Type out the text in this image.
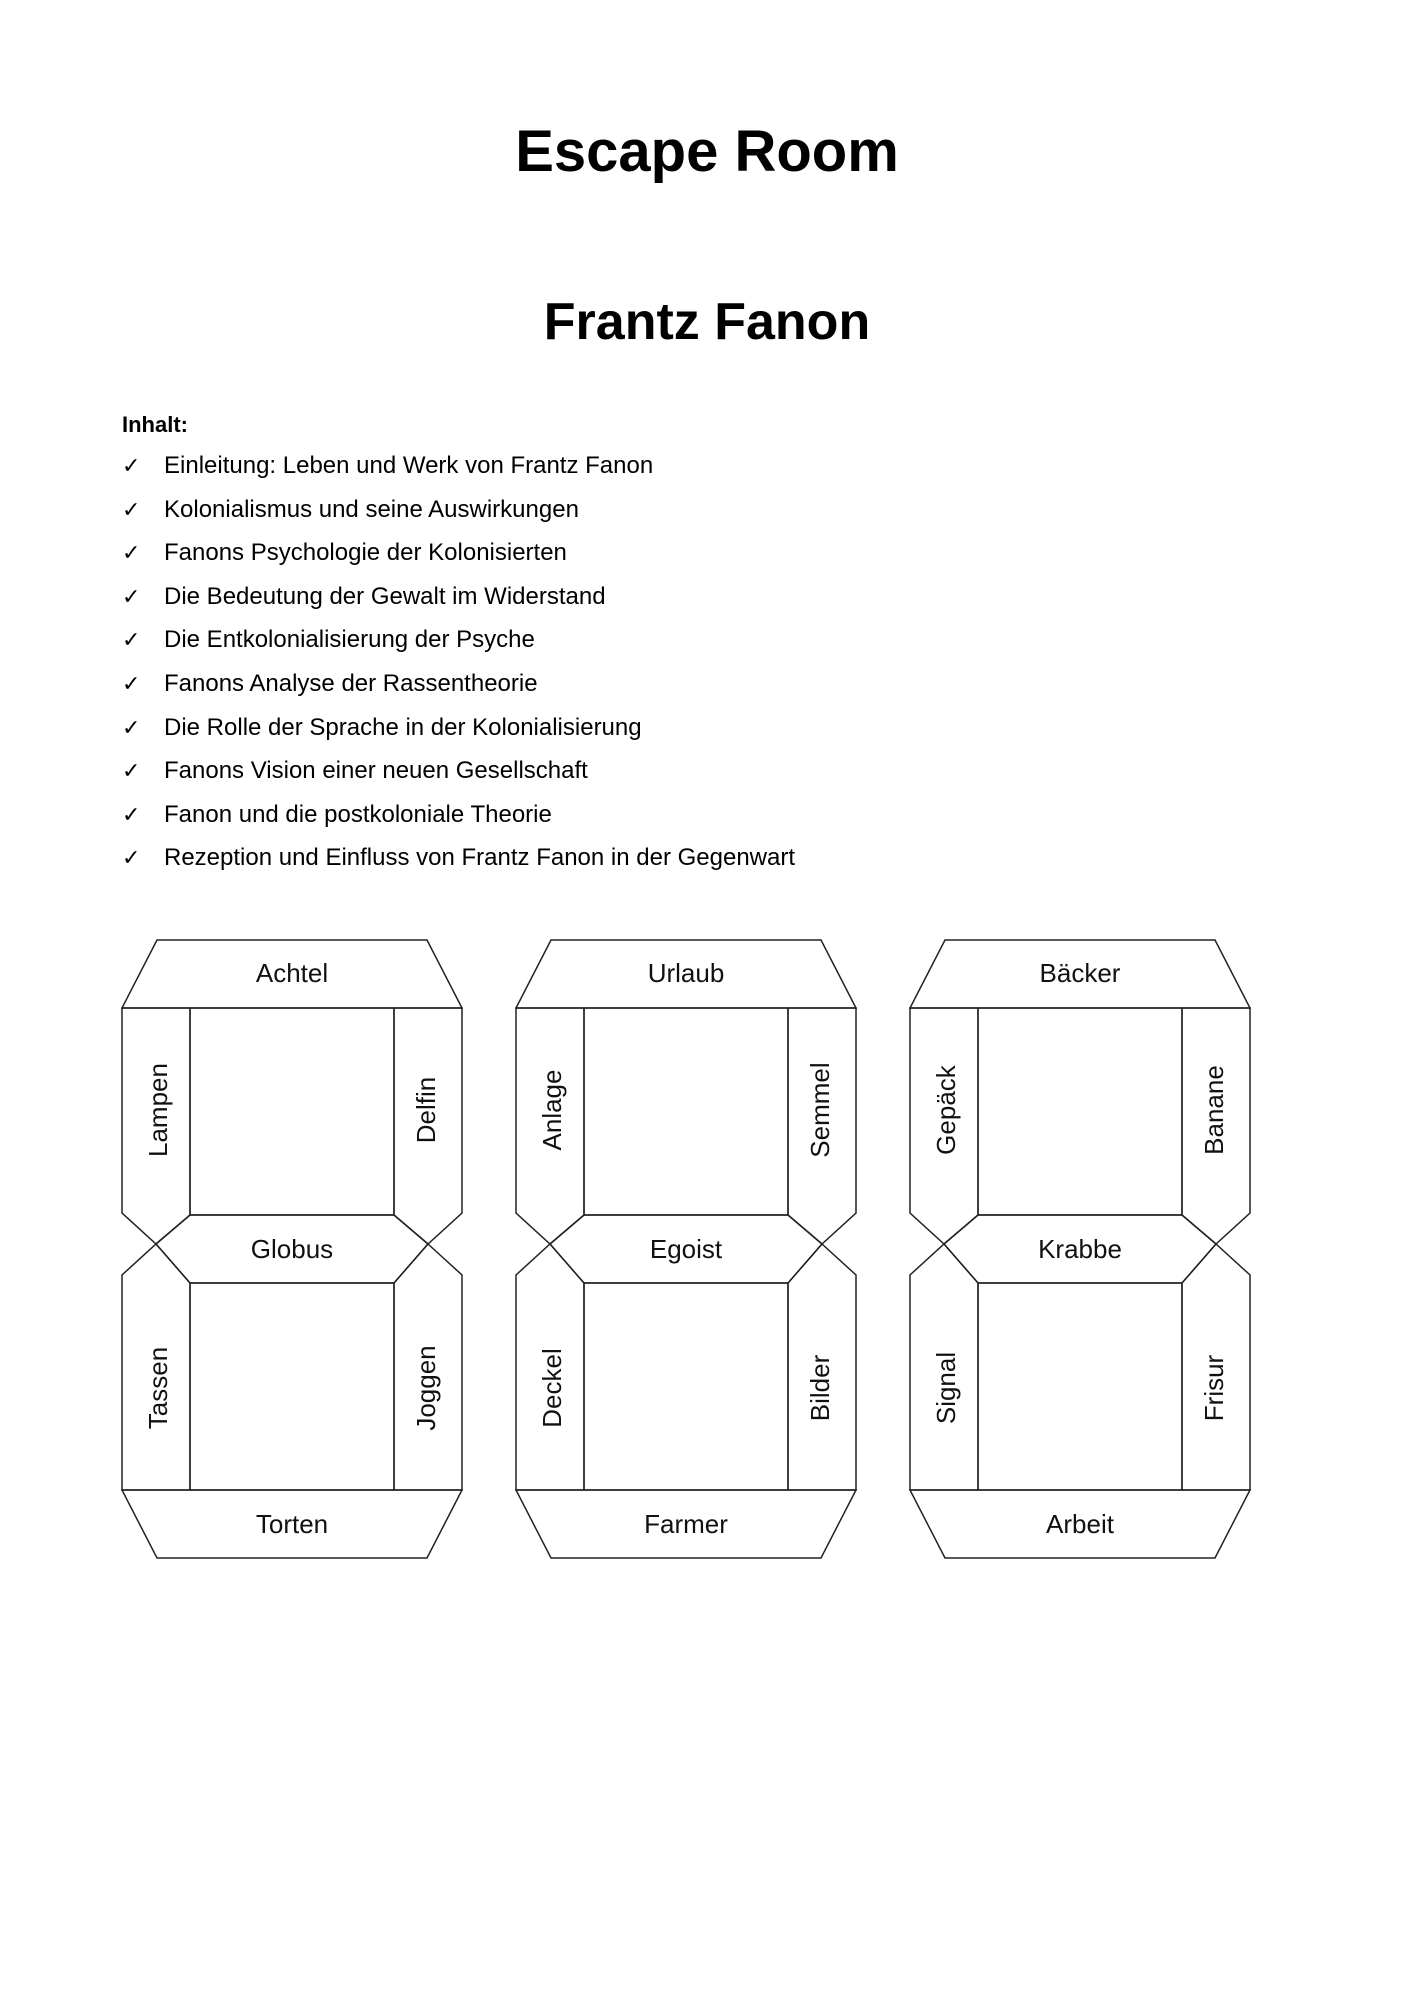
Escape Room
Frantz Fanon
Inhalt:
✓ Einleitung: Leben und Werk von Frantz Fanon
✓ Kolonialismus und seine Auswirkungen
✓ Fanons Psychologie der Kolonisierten
✓ Die Bedeutung der Gewalt im Widerstand
✓ Die Entkolonialisierung der Psyche
✓ Fanons Analyse der Rassentheorie
✓ Die Rolle der Sprache in der Kolonialisierung
✓ Fanons Vision einer neuen Gesellschaft
✓ Fanon und die postkoloniale Theorie
✓ Rezeption und Einfluss von Frantz Fanon in der Gegenwart
Achtel
Lampen	Delfin
Globus
Tassen	Joggen
Torten
Urlaub
Anlage	Semmel
Egoist
Deckel	Bilder
Farmer
Bäcker
Gepäck	Banane
Krabbe
Signal	Frisur
Arbeit
